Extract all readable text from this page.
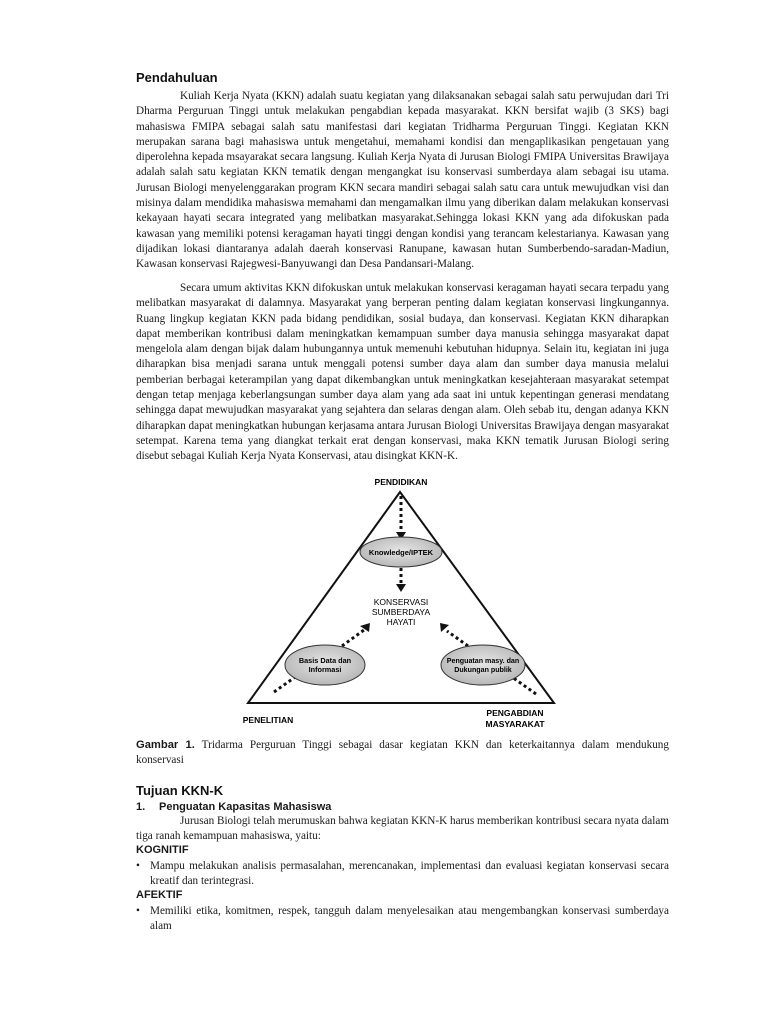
Pendahuluan

Kuliah Kerja Nyata (KKN) adalah suatu kegiatan yang dilaksanakan sebagai salah satu perwujudan dari Tri Dharma Perguruan Tinggi untuk melakukan pengabdian kepada masyarakat. KKN bersifat wajib (3 SKS) bagi mahasiswa FMIPA sebagai salah satu manifestasi dari kegiatan Tridharma Perguruan Tinggi. Kegiatan KKN merupakan sarana bagi mahasiswa untuk mengetahui, memahami kondisi dan mengaplikasikan pengetauan yang diperolehna kepada msayarakat secara langsung. Kuliah Kerja Nyata di Jurusan Biologi FMIPA Universitas Brawijaya adalah salah satu kegiatan KKN tematik dengan mengangkat isu konservasi sumberdaya alam sebagai isu utama. Jurusan Biologi menyelenggarakan program KKN secara mandiri sebagai salah satu cara untuk mewujudkan visi dan misinya dalam mendidika mahasiswa memahami dan mengamalkan ilmu yang diberikan dalam melakukan konservasi kekayaan hayati secara integrated yang melibatkan masyarakat.Sehingga lokasi KKN yang ada difokuskan pada kawasan yang memiliki potensi keragaman hayati tinggi dengan kondisi yang terancam kelestarianya. Kawasan yang dijadikan lokasi diantaranya adalah daerah konservasi Ranupane, kawasan hutan Sumberbendo-saradan-Madiun, Kawasan konservasi Rajegwesi-Banyuwangi dan Desa Pandansari-Malang.

Secara umum aktivitas KKN difokuskan untuk melakukan konservasi keragaman hayati secara terpadu yang melibatkan masyarakat di dalamnya. Masyarakat yang berperan penting dalam kegiatan konservasi lingkungannya. Ruang lingkup kegiatan KKN pada bidang pendidikan, sosial budaya, dan konservasi. Kegiatan KKN diharapkan dapat memberikan kontribusi dalam meningkatkan kemampuan sumber daya manusia sehingga masyarakat dapat mengelola alam dengan bijak dalam hubungannya untuk memenuhi kebutuhan hidupnya. Selain itu, kegiatan ini juga diharapkan bisa menjadi sarana untuk menggali potensi sumber daya alam dan sumber daya manusia melalui pemberian berbagai keterampilan yang dapat dikembangkan untuk meningkatkan kesejahteraan masyarakat setempat dengan tetap menjaga keberlangsungan sumber daya alam yang ada saat ini untuk kepentingan generasi mendatang sehingga dapat mewujudkan masyarakat yang sejahtera dan selaras dengan alam. Oleh sebab itu, dengan adanya KKN diharapkan dapat meningkatkan hubungan kerjasama antara Jurusan Biologi Universitas Brawijaya dengan masyarakat setempat. Karena tema yang diangkat terkait erat dengan konservasi, maka KKN tematik Jurusan Biologi sering disebut sebagai Kuliah Kerja Nyata Konservasi, atau disingkat KKN-K.

PENDIDIKAN
PENELITIAN
PENGABDIAN
MASYARAKAT
Knowledge/IPTEK
Basis Data dan
Informasi
Penguatan masy. dan
Dukungan publik
KONSERVASI
SUMBERDAYA
HAYATI

Gambar 1. Tridarma Perguruan Tinggi sebagai dasar kegiatan KKN dan keterkaitannya dalam mendukung konservasi

Tujuan KKN-K
1. Penguatan Kapasitas Mahasiswa

Jurusan Biologi telah merumuskan bahwa kegiatan KKN-K harus memberikan kontribusi secara nyata dalam tiga ranah kemampuan mahasiswa, yaitu:

KOGNITIF
• Mampu melakukan analisis permasalahan, merencanakan, implementasi dan evaluasi kegiatan konservasi secara kreatif dan terintegrasi.
AFEKTIF
• Memiliki etika, komitmen, respek, tangguh dalam menyelesaikan atau mengembangkan konservasi sumberdaya alam
